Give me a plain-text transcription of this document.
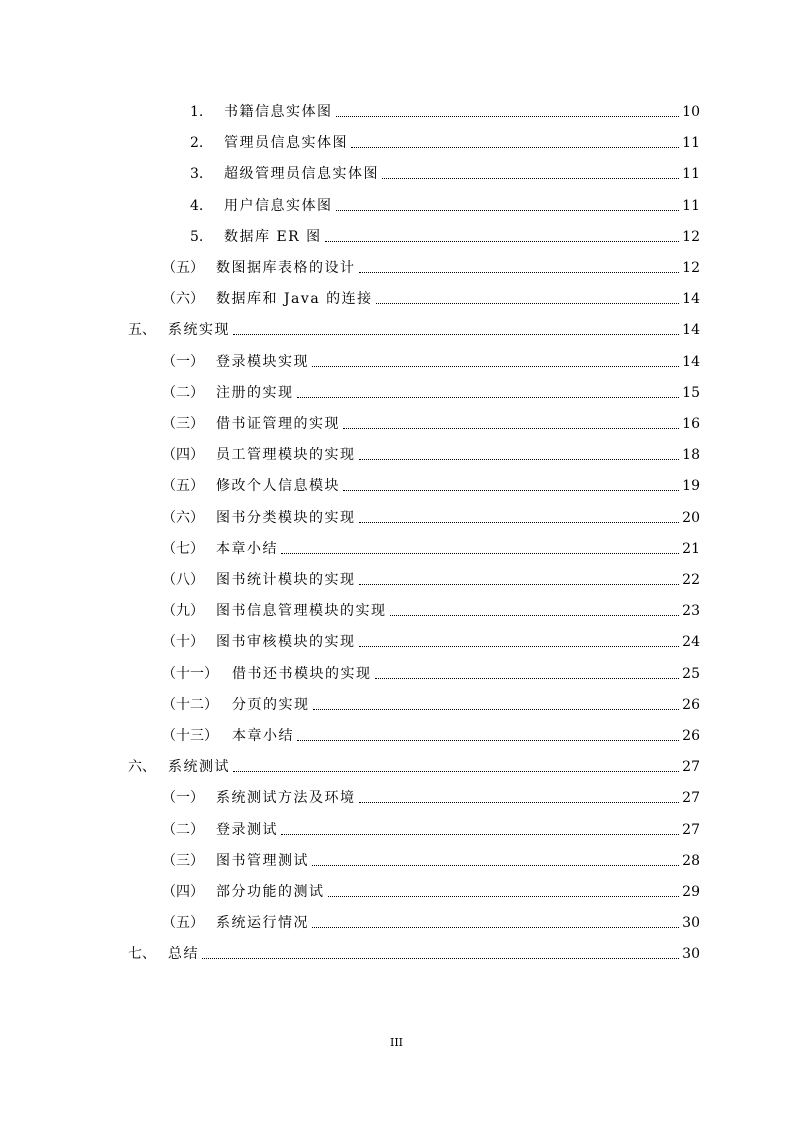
1.	书籍信息实体图	10
2.	管理员信息实体图	11
3.	超级管理员信息实体图	11
4.	用户信息实体图	11
5.	数据库 ER 图	12
（五） 数图据库表格的设计	12
（六） 数据库和 Java 的连接	14
五、 系统实现	14
（一） 登录模块实现	14
（二） 注册的实现	15
（三） 借书证管理的实现	16
（四） 员工管理模块的实现	18
（五） 修改个人信息模块	19
（六） 图书分类模块的实现	20
（七） 本章小结	21
（八） 图书统计模块的实现	22
（九） 图书信息管理模块的实现	23
（十） 图书审核模块的实现	24
（十一）	借书还书模块的实现	25
（十二）	分页的实现	26
（十三）	本章小结	26
六、 系统测试	27
（一） 系统测试方法及环境	27
（二） 登录测试	27
（三） 图书管理测试	28
（四） 部分功能的测试	29
（五） 系统运行情况	30
七、 总结	30
III
